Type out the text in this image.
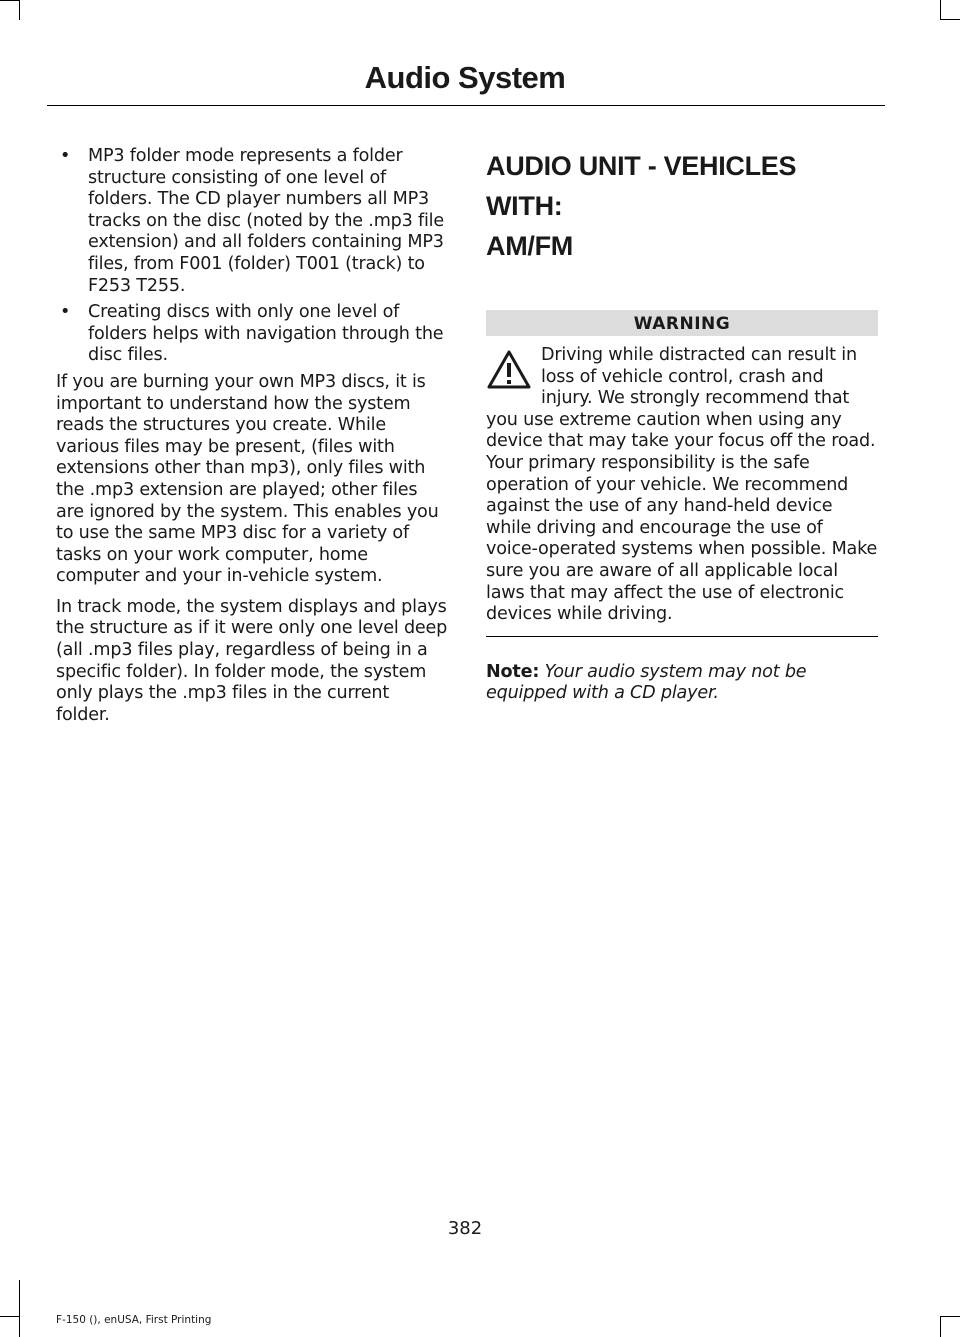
Audio System
• MP3 folder mode represents a folder structure consisting of one level of folders. The CD player numbers all MP3 tracks on the disc (noted by the .mp3 file extension) and all folders containing MP3 files, from F001 (folder) T001 (track) to F253 T255.
• Creating discs with only one level of folders helps with navigation through the disc files.

If you are burning your own MP3 discs, it is important to understand how the system reads the structures you create. While various files may be present, (files with extensions other than mp3), only files with the .mp3 extension are played; other files are ignored by the system. This enables you to use the same MP3 disc for a variety of tasks on your work computer, home computer and your in-vehicle system.

In track mode, the system displays and plays the structure as if it were only one level deep (all .mp3 files play, regardless of being in a specific folder). In folder mode, the system only plays the .mp3 files in the current folder.

AUDIO UNIT - VEHICLES WITH:
AM/FM
WARNING
Driving while distracted can result in loss of vehicle control, crash and injury. We strongly recommend that you use extreme caution when using any device that may take your focus off the road. Your primary responsibility is the safe operation of your vehicle. We recommend against the use of any hand-held device while driving and encourage the use of voice-operated systems when possible. Make sure you are aware of all applicable local laws that may affect the use of electronic devices while driving.

Note: Your audio system may not be equipped with a CD player.

382
F-150 (), enUSA, First Printing
